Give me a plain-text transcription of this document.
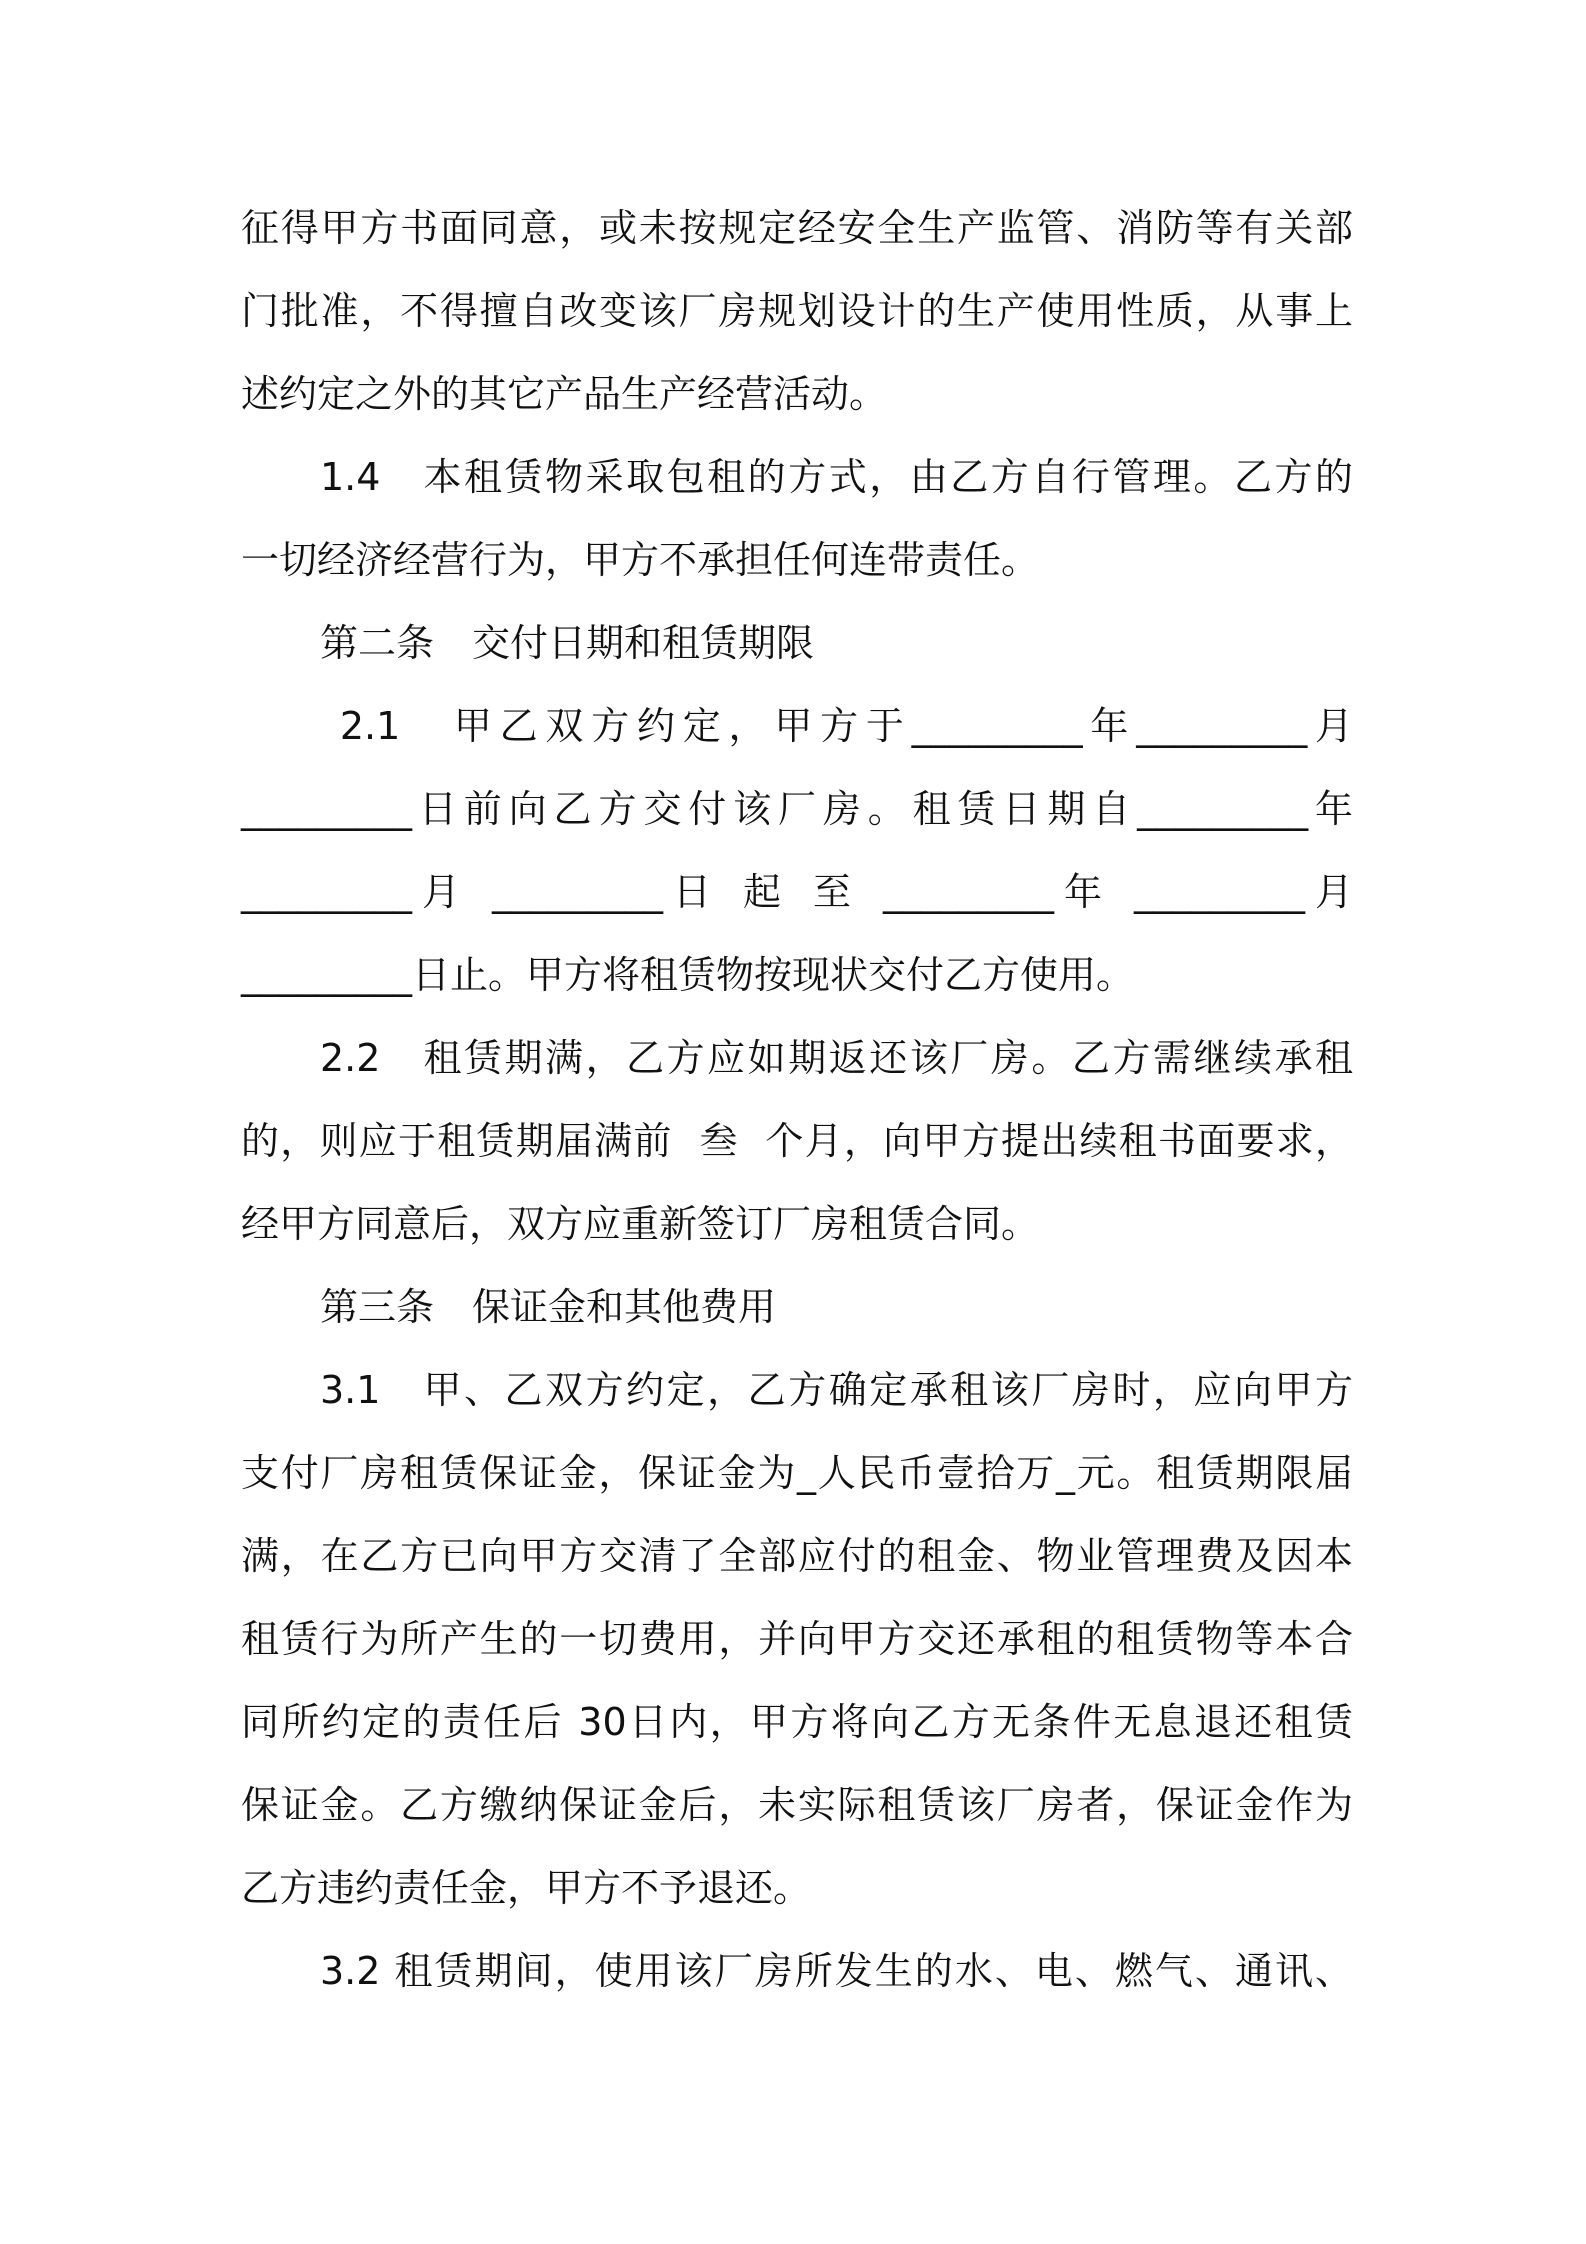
征得甲方书面同意，或未按规定经安全生产监管、消防等有关部
门批准，不得擅自改变该厂房规划设计的生产使用性质，从事上
述约定之外的其它产品生产经营活动。
1.4　本租赁物采取包租的方式，由乙方自行管理。乙方的
一切经济经营行为，甲方不承担任何连带责任。
第二条　交付日期和租赁期限
2.1　甲乙双方约定，甲方于_________年_________月
_________日前向乙方交付该厂房。租赁日期自_________年
_________月 _________日 起 至 _________年 _________月
_________日止。甲方将租赁物按现状交付乙方使用。
2.2　租赁期满，乙方应如期返还该厂房。乙方需继续承租
的，则应于租赁期届满前  叁  个月，向甲方提出续租书面要求，
经甲方同意后，双方应重新签订厂房租赁合同。
第三条　保证金和其他费用
3.1　甲、乙双方约定，乙方确定承租该厂房时，应向甲方
支付厂房租赁保证金，保证金为_人民币壹拾万_元。租赁期限届
满，在乙方已向甲方交清了全部应付的租金、物业管理费及因本
租赁行为所产生的一切费用，并向甲方交还承租的租赁物等本合
同所约定的责任后 30日内，甲方将向乙方无条件无息退还租赁
保证金。乙方缴纳保证金后，未实际租赁该厂房者，保证金作为
乙方违约责任金，甲方不予退还。
3.2 租赁期间，使用该厂房所发生的水、电、燃气、通讯、
